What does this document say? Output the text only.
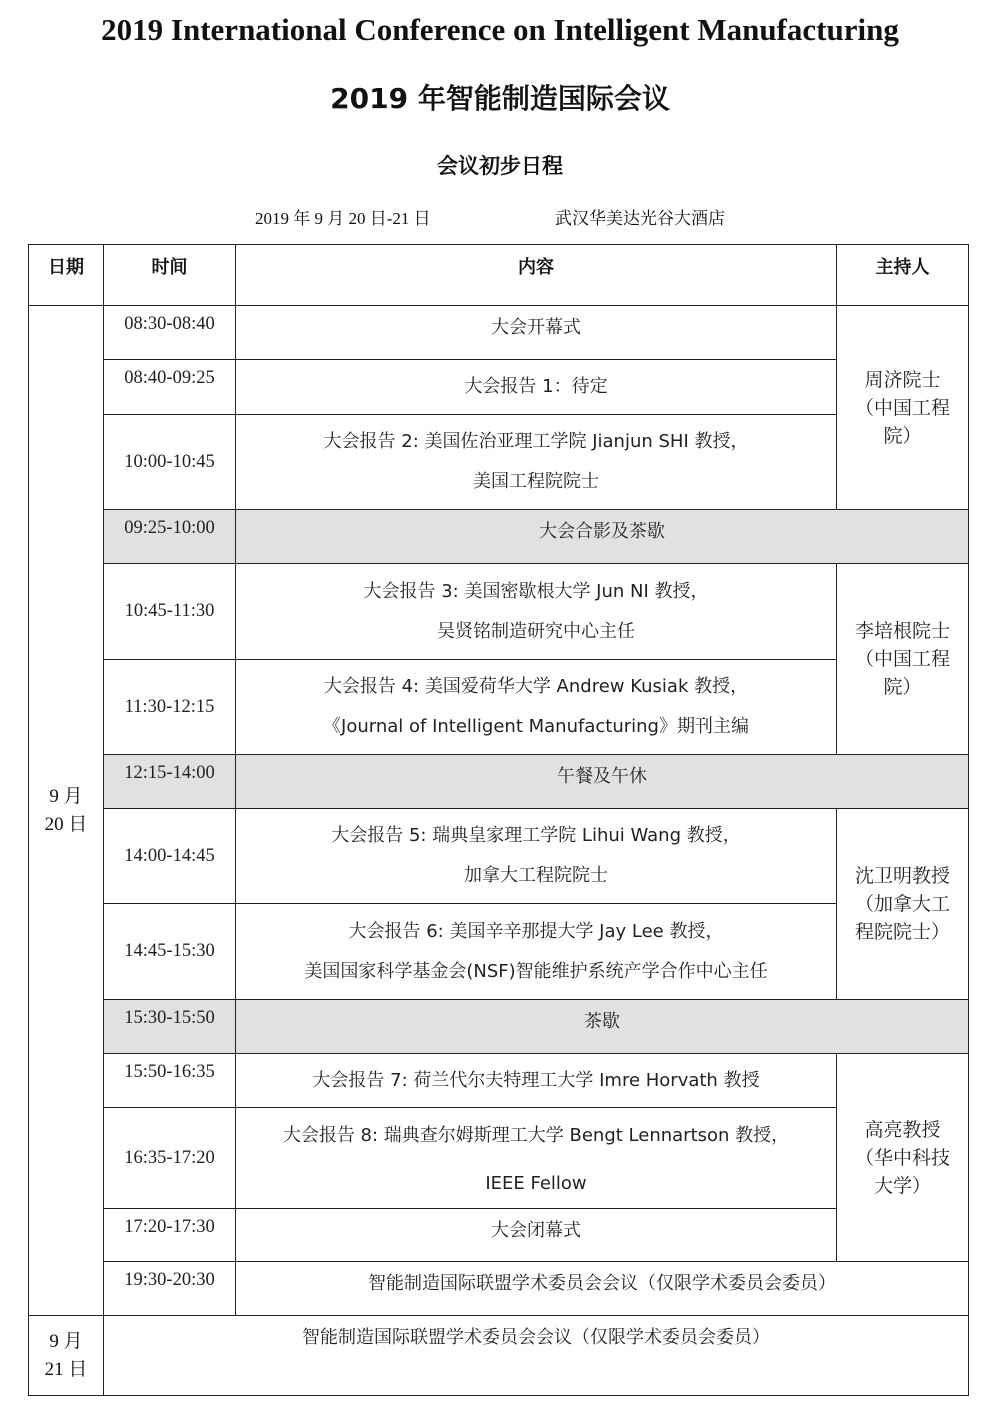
2019 International Conference on Intelligent Manufacturing
2019 年智能制造国际会议
会议初步日程
2019 年 9 月 20 日-21 日	武汉华美达光谷大酒店
日期	时间	内容	主持人
9 月
20 日	08:30-08:40	大会开幕式	周济院士
（中国工程
院）
	08:40-09:25	大会报告 1：待定	

	10:00-10:45	大会报告 2: 美国佐治亚理工学院 Jianjun SHI 教授，
美国工程院院士	

	09:25-10:00	大会合影及茶歇	

	10:45-11:30	大会报告 3: 美国密歇根大学 Jun NI 教授，
吴贤铭制造研究中心主任	李培根院士
（中国工程
院）
	11:30-12:15	大会报告 4: 美国爱荷华大学 Andrew Kusiak 教授，
《Journal of Intelligent Manufacturing》期刊主编	

	12:15-14:00	午餐及午休	

	14:00-14:45	大会报告 5: 瑞典皇家理工学院 Lihui Wang 教授，
加拿大工程院院士	沈卫明教授
（加拿大工
程院院士）
	14:45-15:30	大会报告 6: 美国辛辛那提大学 Jay Lee 教授，
美国国家科学基金会(NSF)智能维护系统产学合作中心主任	

	15:30-15:50	茶歇	

	15:50-16:35	大会报告 7: 荷兰代尔夫特理工大学 Imre Horvath 教授	高亮教授
（华中科技
大学）
	16:35-17:20	大会报告 8: 瑞典查尔姆斯理工大学 Bengt Lennartson 教授，
IEEE Fellow	

	17:20-17:30	大会闭幕式	

	19:30-20:30	智能制造国际联盟学术委员会会议（仅限学术委员会委员）	

9 月
21 日	智能制造国际联盟学术委员会会议（仅限学术委员会委员）		
